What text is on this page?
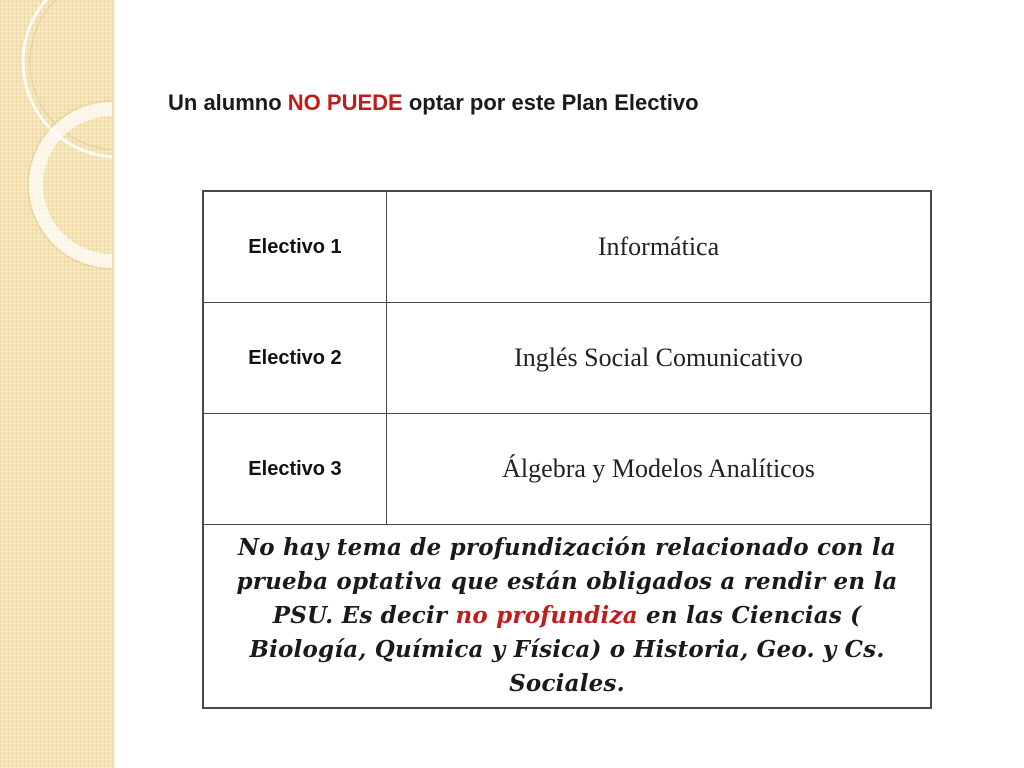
Un alumno NO PUEDE optar por este Plan Electivo
Electivo 1	Informática
Electivo 2	Inglés Social Comunicativo
Electivo 3	Álgebra y Modelos Analíticos
No hay tema de profundización relacionado con la prueba optativa que están obligados a rendir en la PSU. Es decir no profundiza en las Ciencias ( Biología, Química y Física) o Historia, Geo. y Cs. Sociales.	
